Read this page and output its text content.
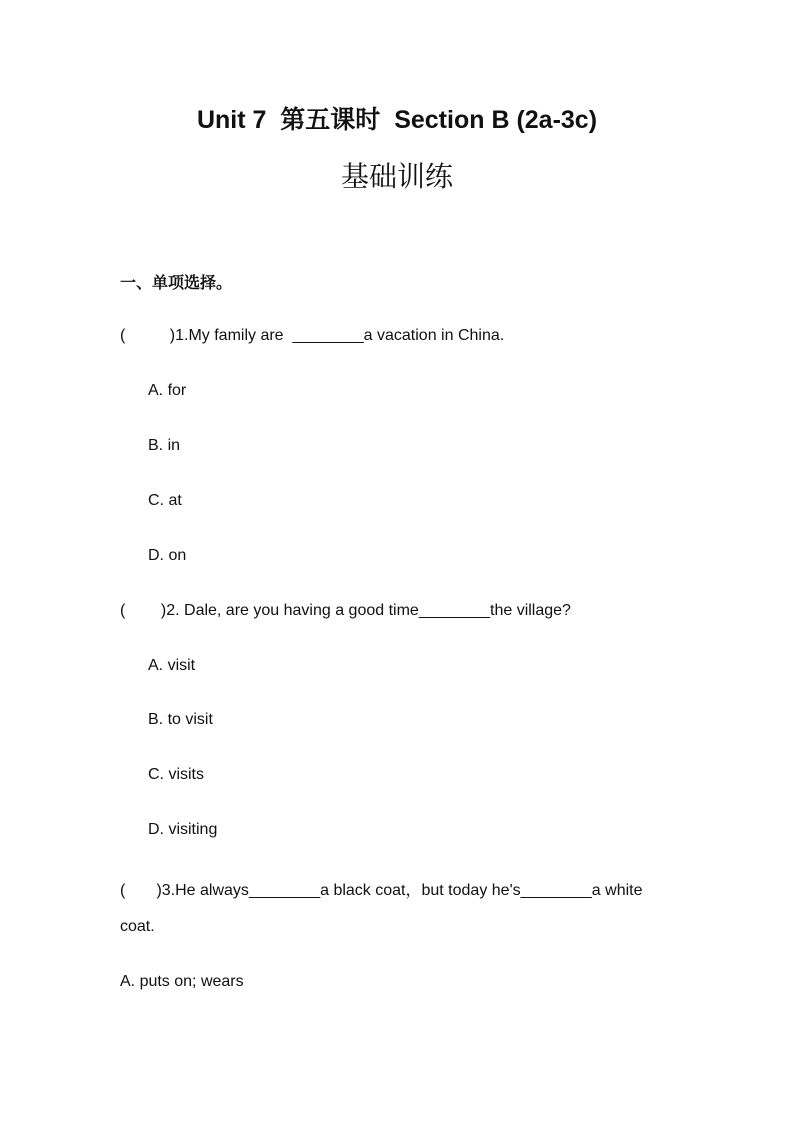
Unit 7  第五课时  Section B (2a-3c)
基础训练
一、单项选择。
(          )1.My family are  ________a vacation in China.
A. for
B. in
C. at
D. on
(        )2. Dale, are you having a good time________the village?
A. visit
B. to visit
C. visits
D. visiting
(       )3.He always________a black coat，but today he's________a white
coat.
A. puts on; wears
